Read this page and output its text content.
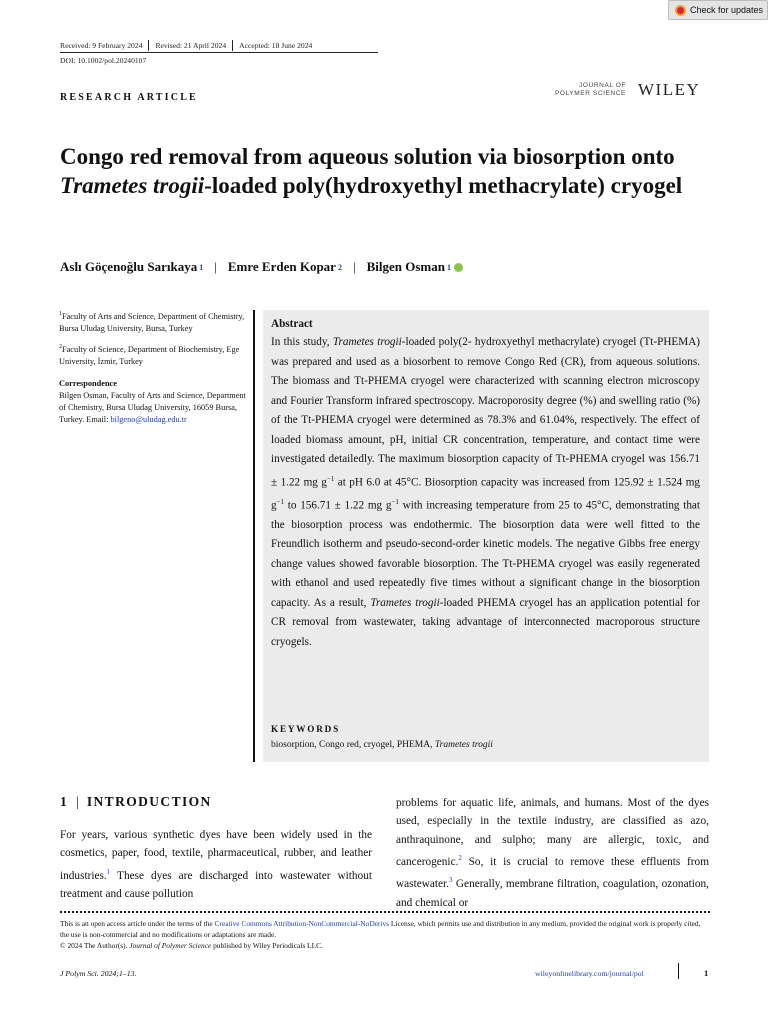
Check for updates
Received: 9 February 2024 Revised: 21 April 2024 Accepted: 18 June 2024
DOI: 10.1002/pol.20240107
RESEARCH ARTICLE
JOURNAL OF
POLYMER SCIENCE WILEY
Congo red removal from aqueous solution via biosorption onto Trametes trogii-loaded poly(hydroxyethyl methacrylate) cryogel
Aslı Göçenoğlu Sarıkaya 1 | Emre Erden Kopar 2 | Bilgen Osman 1

$^1$Faculty of Arts and Science, Department of Chemistry, Bursa Uludag University, Bursa, Turkey

$^2$Faculty of Science, Department of Biochemistry, Ege University, İzmir, Turkey

Correspondence

Bilgen Osman, Faculty of Arts and Science, Department of Chemistry, Bursa Uludag University, 16059 Bursa, Turkey. Email: bilgeno@uludag.edu.tr

Abstract

In this study, Trametes trogii-loaded poly(2- hydroxyethyl methacrylate) cryogel (Tt-PHEMA) was prepared and used as a biosorbent to remove Congo Red (CR), from aqueous solutions. The biomass and Tt-PHEMA cryogel were characterized with scanning electron microscopy and Fourier Transform infrared spectroscopy. Macroporosity degree (%) and swelling ratio (%) of the Tt-PHEMA cryogel were determined as 78.3% and 61.04%, respectively. The effect of loaded biomass amount, pH, initial CR concentration, temperature, and contact time were investigated detailedly. The maximum biosorption capacity of Tt-PHEMA cryogel was 156.71 ± 1.22 mg $g^{-1}$ at pH 6.0 at 45°C. Biosorption capacity was increased from 125.92 ± 1.524 mg $g^{-1}$ to 156.71 ± 1.22 mg $g^{-1}$ with increasing temperature from 25 to 45°C, demonstrating that the biosorption process was endothermic. The biosorption data were well fitted to the Freundlich isotherm and pseudo-second-order kinetic models. The negative Gibbs free energy change values showed favorable biosorption. The Tt-PHEMA cryogel was easily regenerated with ethanol and used repeatedly five times without a significant change in the biosorption capacity. As a result, Trametes trogii-loaded PHEMA cryogel has an application potential for CR removal from wastewater, taking advantage of interconnected macroporous structure cryogels.

KEYWORDS
biosorption, Congo red, cryogel, PHEMA, Trametes trogii
1 | INTRODUCTION

For years, various synthetic dyes have been widely used in the cosmetics, paper, food, textile, pharmaceutical, rubber, and leather industries.$^1$ These dyes are discharged into wastewater without treatment and cause pollution

problems for aquatic life, animals, and humans. Most of the dyes used, especially in the textile industry, are classified as azo, anthraquinone, and sulpho; many are allergic, toxic, and cancerogenic.$^2$ So, it is crucial to remove these effluents from wastewater.$^3$ Generally, membrane filtration, coagulation, ozonation, and chemical or

This is an open access article under the terms of the Creative Commons Attribution-NonCommercial-NoDerivs License, which permits use and distribution in any medium, provided the original work is properly cited, the use is non-commercial and no modifications or adaptations are made.
© 2024 The Author(s). Journal of Polymer Science published by Wiley Periodicals LLC.
J Polym Sci. 2024;1–13.	wileyonlinelibrary.com/journal/pol	1
